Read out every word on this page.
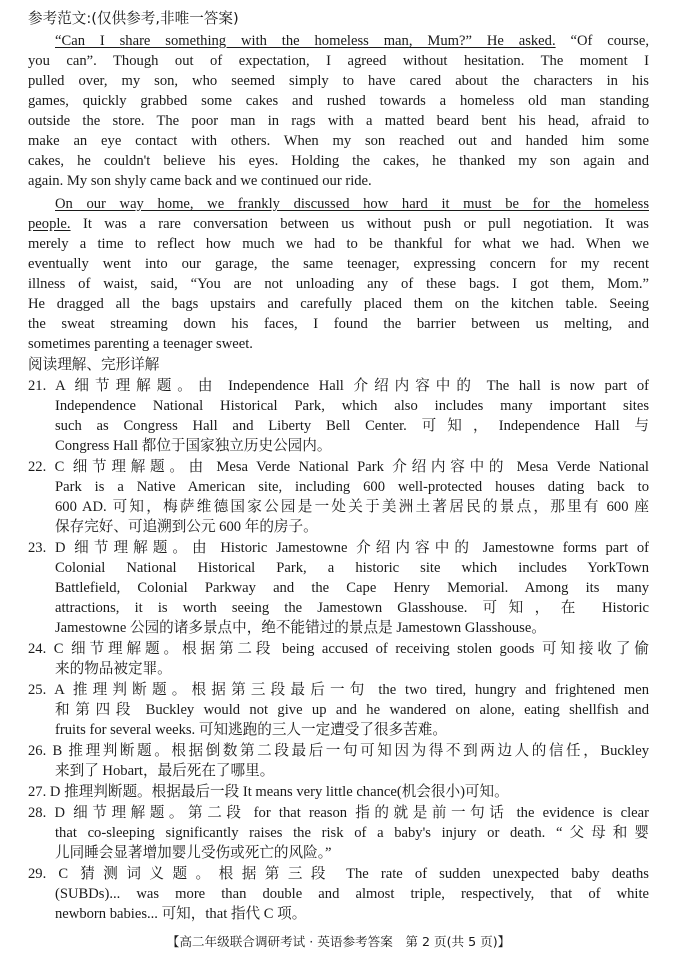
参考范文:(仅供参考,非唯一答案)
“Can I share something with the homeless man, Mum?” He asked. “Of course,
you can”. Though out of expectation, I agreed without hesitation. The moment I
pulled over, my son, who seemed simply to have cared about the characters in his
games, quickly grabbed some cakes and rushed towards a homeless old man standing
outside the store. The poor man in rags with a matted beard bent his head, afraid to
make an eye contact with others. When my son reached out and handed him some
cakes, he couldn't believe his eyes. Holding the cakes, he thanked my son again and
again. My son shyly came back and we continued our ride.
On our way home, we frankly discussed how hard it must be for the homeless
people. It was a rare conversation between us without push or pull negotiation. It was
merely a time to reflect how much we had to be thankful for what we had. When we
eventually went into our garage, the same teenager, expressing concern for my recent
illness of waist, said, “You are not unloading any of these bags. I got them, Mom.”
He dragged all the bags upstairs and carefully placed them on the kitchen table. Seeing
the sweat streaming down his faces, I found the barrier between us melting, and
sometimes parenting a teenager sweet.
阅读理解、完形详解
21. A 细节理解题。由 Independence Hall 介绍内容中的 The hall is now part of
Independence National Historical Park, which also includes many important sites
such as Congress Hall and Liberty Bell Center. 可知，Independence Hall 与
Congress Hall 都位于国家独立历史公园内。
22. C 细节理解题。由 Mesa Verde National Park 介绍内容中的 Mesa Verde National
Park is a Native American site, including 600 well-protected houses dating back to
600 AD. 可知，梅萨维德国家公园是一处关于美洲土著居民的景点，那里有 600 座
保存完好、可追溯到公元 600 年的房子。
23. D 细节理解题。由 Historic Jamestowne 介绍内容中的 Jamestowne forms part of
Colonial National Historical Park, a historic site which includes YorkTown
Battlefield, Colonial Parkway and the Cape Henry Memorial. Among its many
attractions, it is worth seeing the Jamestown Glasshouse. 可知，在 Historic
Jamestowne 公园的诸多景点中，绝不能错过的景点是 Jamestown Glasshouse。
24. C 细节理解题。根据第二段 being accused of receiving stolen goods 可知接收了偷
来的物品被定罪。
25. A 推理判断题。根据第三段最后一句 the two tired, hungry and frightened men
和第四段 Buckley would not give up and he wandered on alone, eating shellfish and
fruits for several weeks. 可知逃跑的三人一定遭受了很多苦难。
26. B 推理判断题。根据倒数第二段最后一句可知因为得不到两边人的信任，Buckley
来到了 Hobart，最后死在了哪里。
27. D 推理判断题。根据最后一段 It means very little chance(机会很小)可知。
28. D 细节理解题。第二段 for that reason 指的就是前一句话 the evidence is clear
that co-sleeping significantly raises the risk of a baby's injury or death. “父母和婴
儿同睡会显著增加婴儿受伤或死亡的风险。”
29. C 猜测词义题。根据第三段 The rate of sudden unexpected baby deaths
(SUBDs)... was more than double and almost triple, respectively, that of white
newborn babies... 可知，that 指代 C 项。
【高二年级联合调研考试 · 英语参考答案　第 2 页(共 5 页)】
